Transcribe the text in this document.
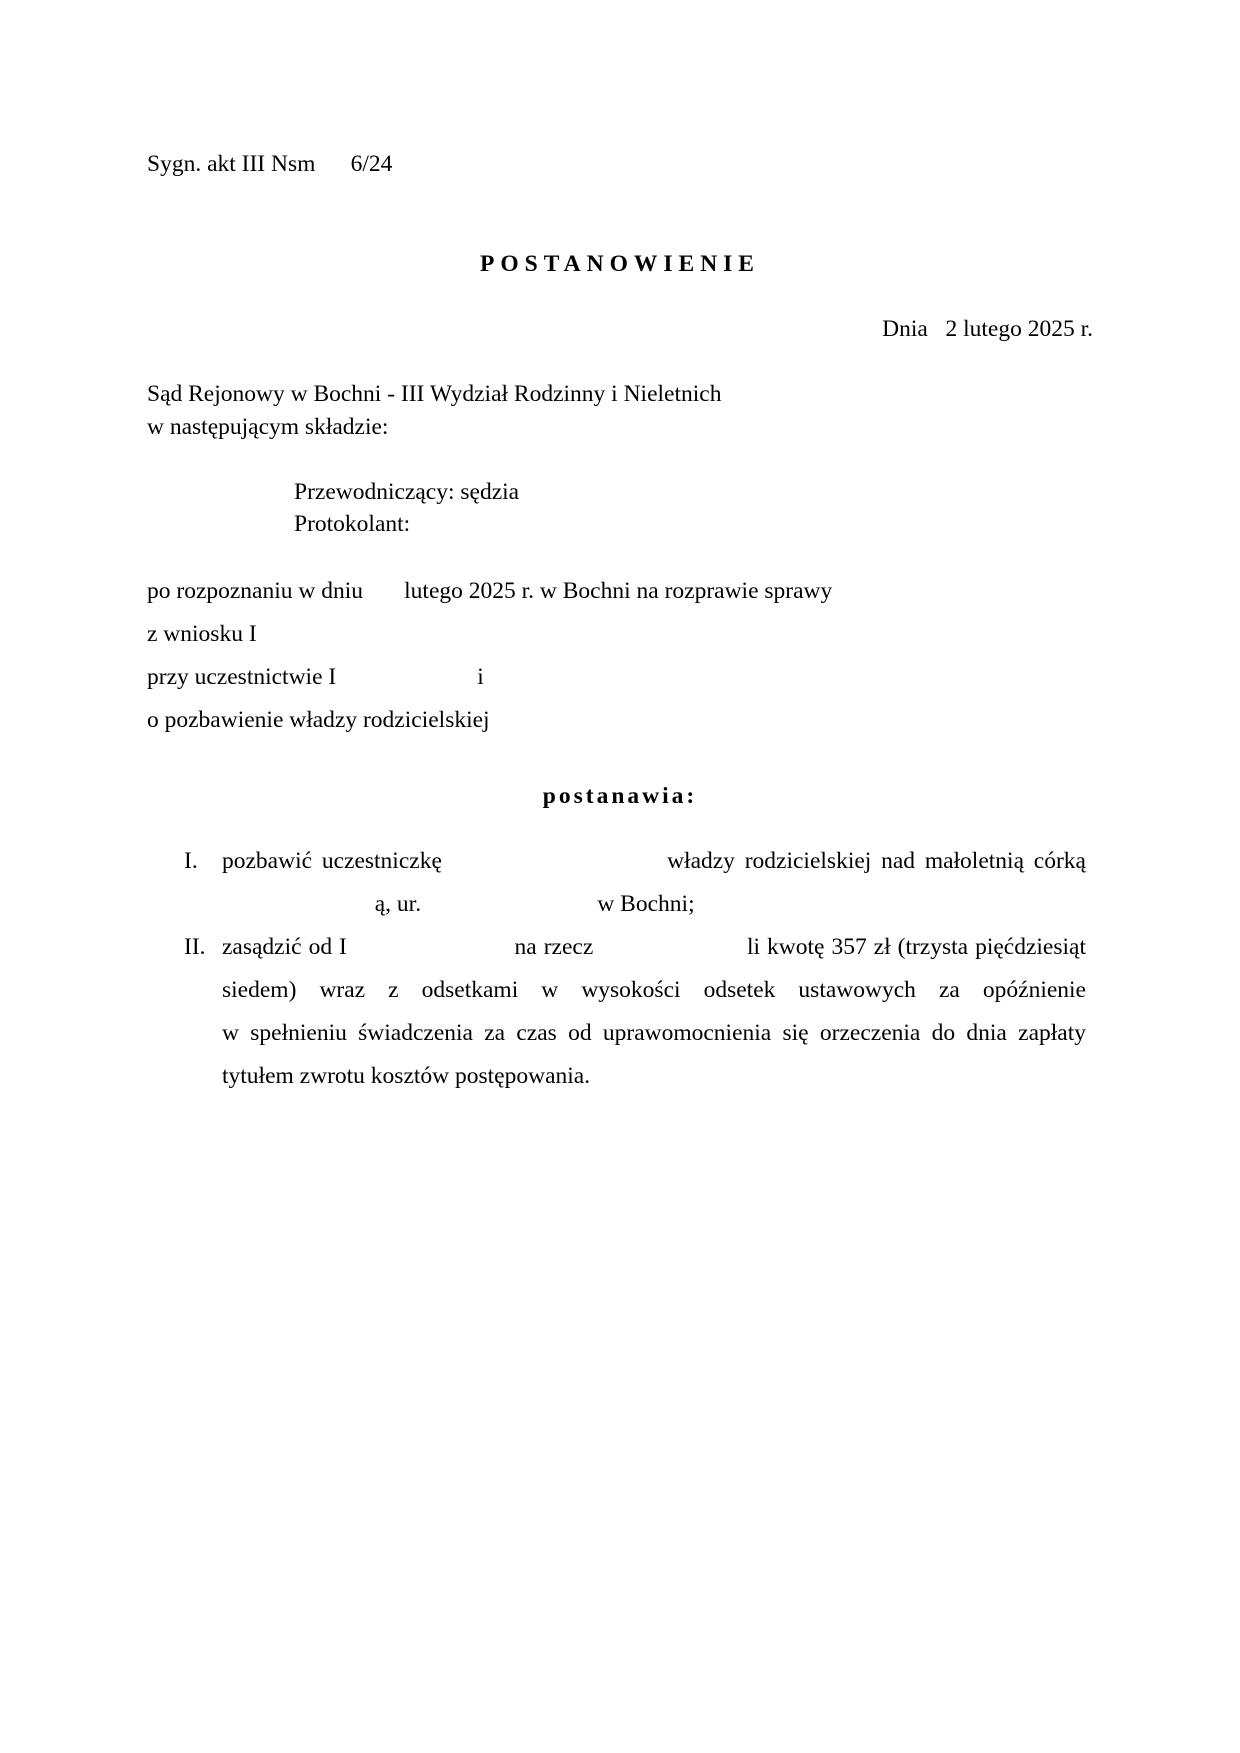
Sygn. akt III Nsm      6/24
POSTANOWIENIE
Dnia   2 lutego 2025 r.
Sąd Rejonowy w Bochni - III Wydział Rodzinny i Nieletnich
w następującym składzie:
Przewodniczący: sędzia
Protokolant:
po rozpoznaniu w dniu       lutego 2025 r. w Bochni na rozprawie sprawy
z wniosku I
przy uczestnictwie I                        i
o pozbawienie władzy rodzicielskiej
postanawia:
I. pozbawić uczestniczkę                       władzy rodzicielskiej nad małoletnią córką
ą, ur.                              w Bochni;
II. zasądzić od I                        na rzecz                      li kwotę 357 zł (trzysta pięćdziesiąt
siedem) wraz z odsetkami w wysokości odsetek ustawowych za opóźnienie
w spełnieniu świadczenia za czas od uprawomocnienia się orzeczenia do dnia zapłaty
tytułem zwrotu kosztów postępowania.
